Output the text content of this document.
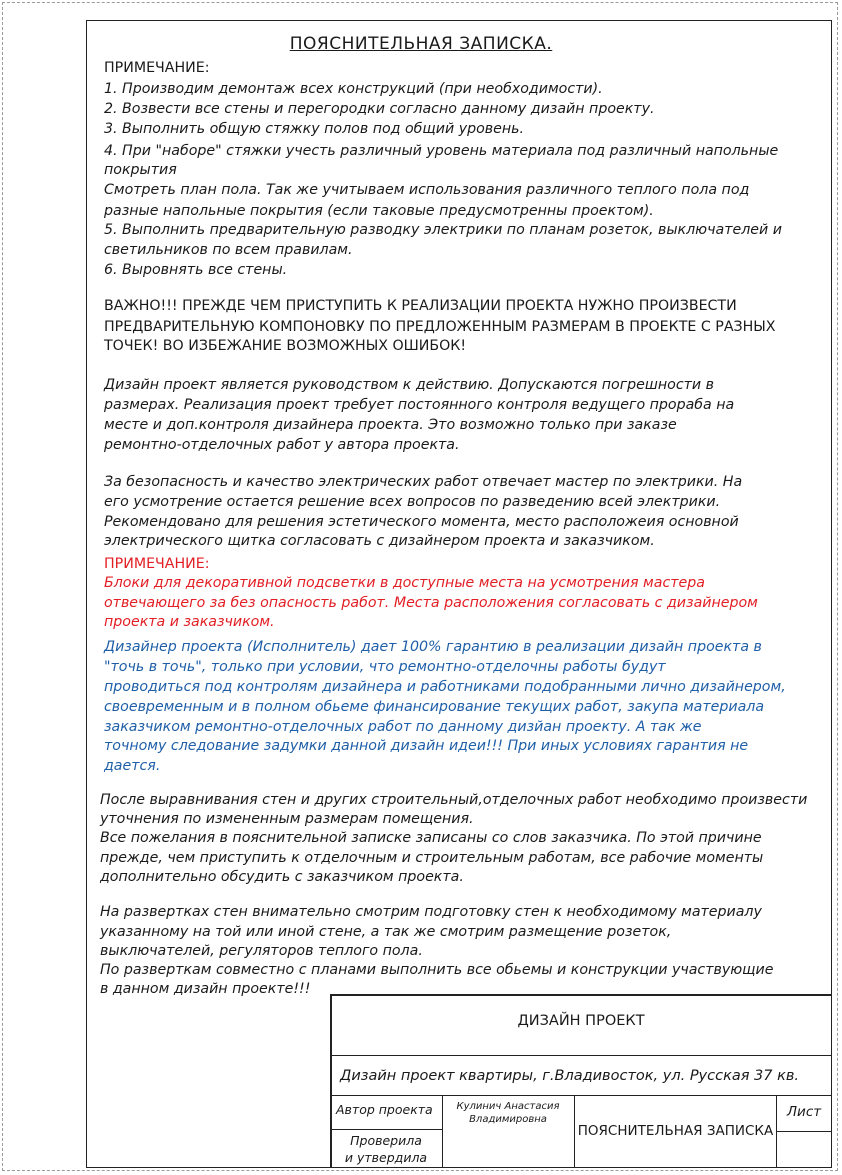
ПОЯСНИТЕЛЬНАЯ ЗАПИСКА.
ПРИМЕЧАНИЕ:
1. Производим демонтаж всех конструкций (при необходимости).
2. Возвести все стены и перегородки согласно данному дизайн проекту.
3. Выполнить общую стяжку полов под общий уровень.
4. При "наборе" стяжки учесть различный уровень материала под различный напольные
покрытия
Смотреть план пола. Так же учитываем использования различного теплого пола под
разные напольные покрытия (если таковые предусмотренны проектом).
5. Выполнить предварительную разводку электрики по планам розеток, выключателей и
светильников по всем правилам.
6. Выровнять все стены.
ВАЖНО!!! ПРЕЖДЕ ЧЕМ ПРИСТУПИТЬ К РЕАЛИЗАЦИИ ПРОЕКТА НУЖНО ПРОИЗВЕСТИ
ПРЕДВАРИТЕЛЬНУЮ КОМПОНОВКУ ПО ПРЕДЛОЖЕННЫМ РАЗМЕРАМ В ПРОЕКТЕ С РАЗНЫХ
ТОЧЕК! ВО ИЗБЕЖАНИЕ ВОЗМОЖНЫХ ОШИБОК!
Дизайн проект является руководством к действию. Допускаются погрешности в
размерах. Реализация проект требует постоянного контроля ведущего прораба на
месте и доп.контроля дизайнера проекта. Это возможно только при заказе
ремонтно-отделочных работ у автора проекта.
За безопасность и качество электрических работ отвечает мастер по электрики. На
его усмотрение остается решение всех вопросов по разведению всей электрики.
Рекомендовано для решения эстетического момента, место расположеия основной
электрического щитка согласовать с дизайнером проекта и заказчиком.
ПРИМЕЧАНИЕ:
Блоки для декоративной подсветки в доступные места на усмотрения мастера
отвечающего за без опасность работ. Места расположения согласовать с дизайнером
проекта и заказчиком.
Дизайнер проекта (Исполнитель) дает 100% гарантию в реализации дизайн проекта в
"точь в точь", только при условии, что ремонтно-отделочны работы будут
проводиться под контролям дизайнера и работниками подобранными лично дизайнером,
своевременным и в полном обьеме финансирование текущих работ, закупа материала
заказчиком ремонтно-отделочных работ по данному дизйан проекту. А так же
точному следование задумки данной дизайн идеи!!! При иных условиях гарантия не
дается.
После выравнивания стен и других строительный,отделочных работ необходимо произвести
уточнения по измененным размерам помещения.
Все пожелания в пояснительной записке записаны со слов заказчика. По этой причине
прежде, чем приступить к отделочным и строительным работам, все рабочие моменты
дополнительно обсудить с заказчиком проекта.
На развертках стен внимательно смотрим подготовку стен к необходимому материалу
указанному на той или иной стене, а так же смотрим размещение розеток,
выключателей, регуляторов теплого пола.
По разверткам совместно с планами выполнить все обьемы и конструкции участвующие
в данном дизайн проекте!!!
ДИЗАЙН ПРОЕКТ
Дизайн проект квартиры, г.Владивосток, ул. Русская 37 кв.
Автор проекта	Кулинич Анастасия
Владимировна
Проверила
и утвердила
ПОЯСНИТЕЛЬНАЯ ЗАПИСКА
Лист
